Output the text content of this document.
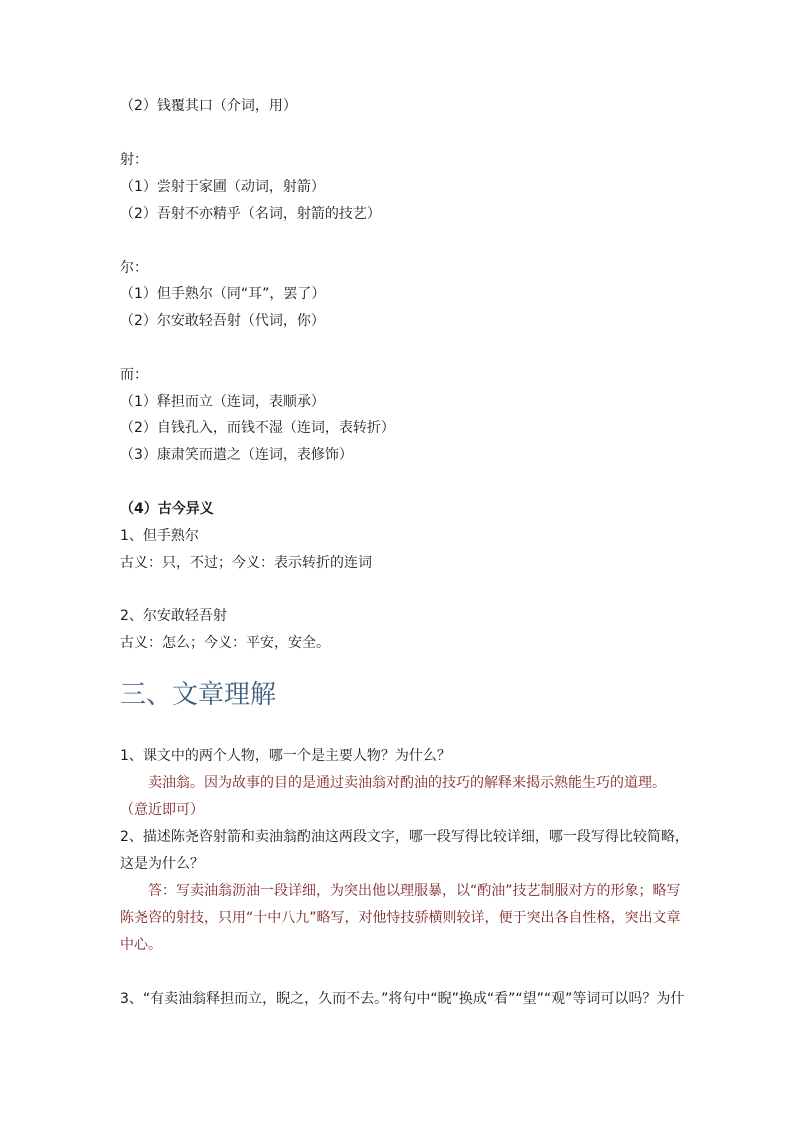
（2）钱覆其口（介词，用）
射：
（1）尝射于家圃（动词，射箭）
（2）吾射不亦精乎（名词，射箭的技艺）
尔：
（1）但手熟尔（同“耳”，罢了）
（2）尔安敢轻吾射（代词，你）
而：
（1）释担而立（连词，表顺承）
（2）自钱孔入，而钱不湿（连词，表转折）
（3）康肃笑而遣之（连词，表修饰）
（4）古今异义
1、但手熟尔
古义：只，不过；今义：表示转折的连词
2、尔安敢轻吾射
古义：怎么；今义：平安，安全。
三、文章理解
1、课文中的两个人物，哪一个是主要人物？为什么？
卖油翁。因为故事的目的是通过卖油翁对酌油的技巧的解释来揭示熟能生巧的道理。
（意近即可）
2、描述陈尧咨射箭和卖油翁酌油这两段文字，哪一段写得比较详细，哪一段写得比较简略，
这是为什么？
答：写卖油翁沥油一段详细，为突出他以理服暴，以“酌油”技艺制服对方的形象；略写
陈尧咨的射技，只用“十中八九”略写，对他恃技骄横则较详，便于突出各自性格，突出文章
中心。
3、“有卖油翁释担而立，睨之，久而不去。”将句中“睨”换成“看”“望”“观”等词可以吗？为什
